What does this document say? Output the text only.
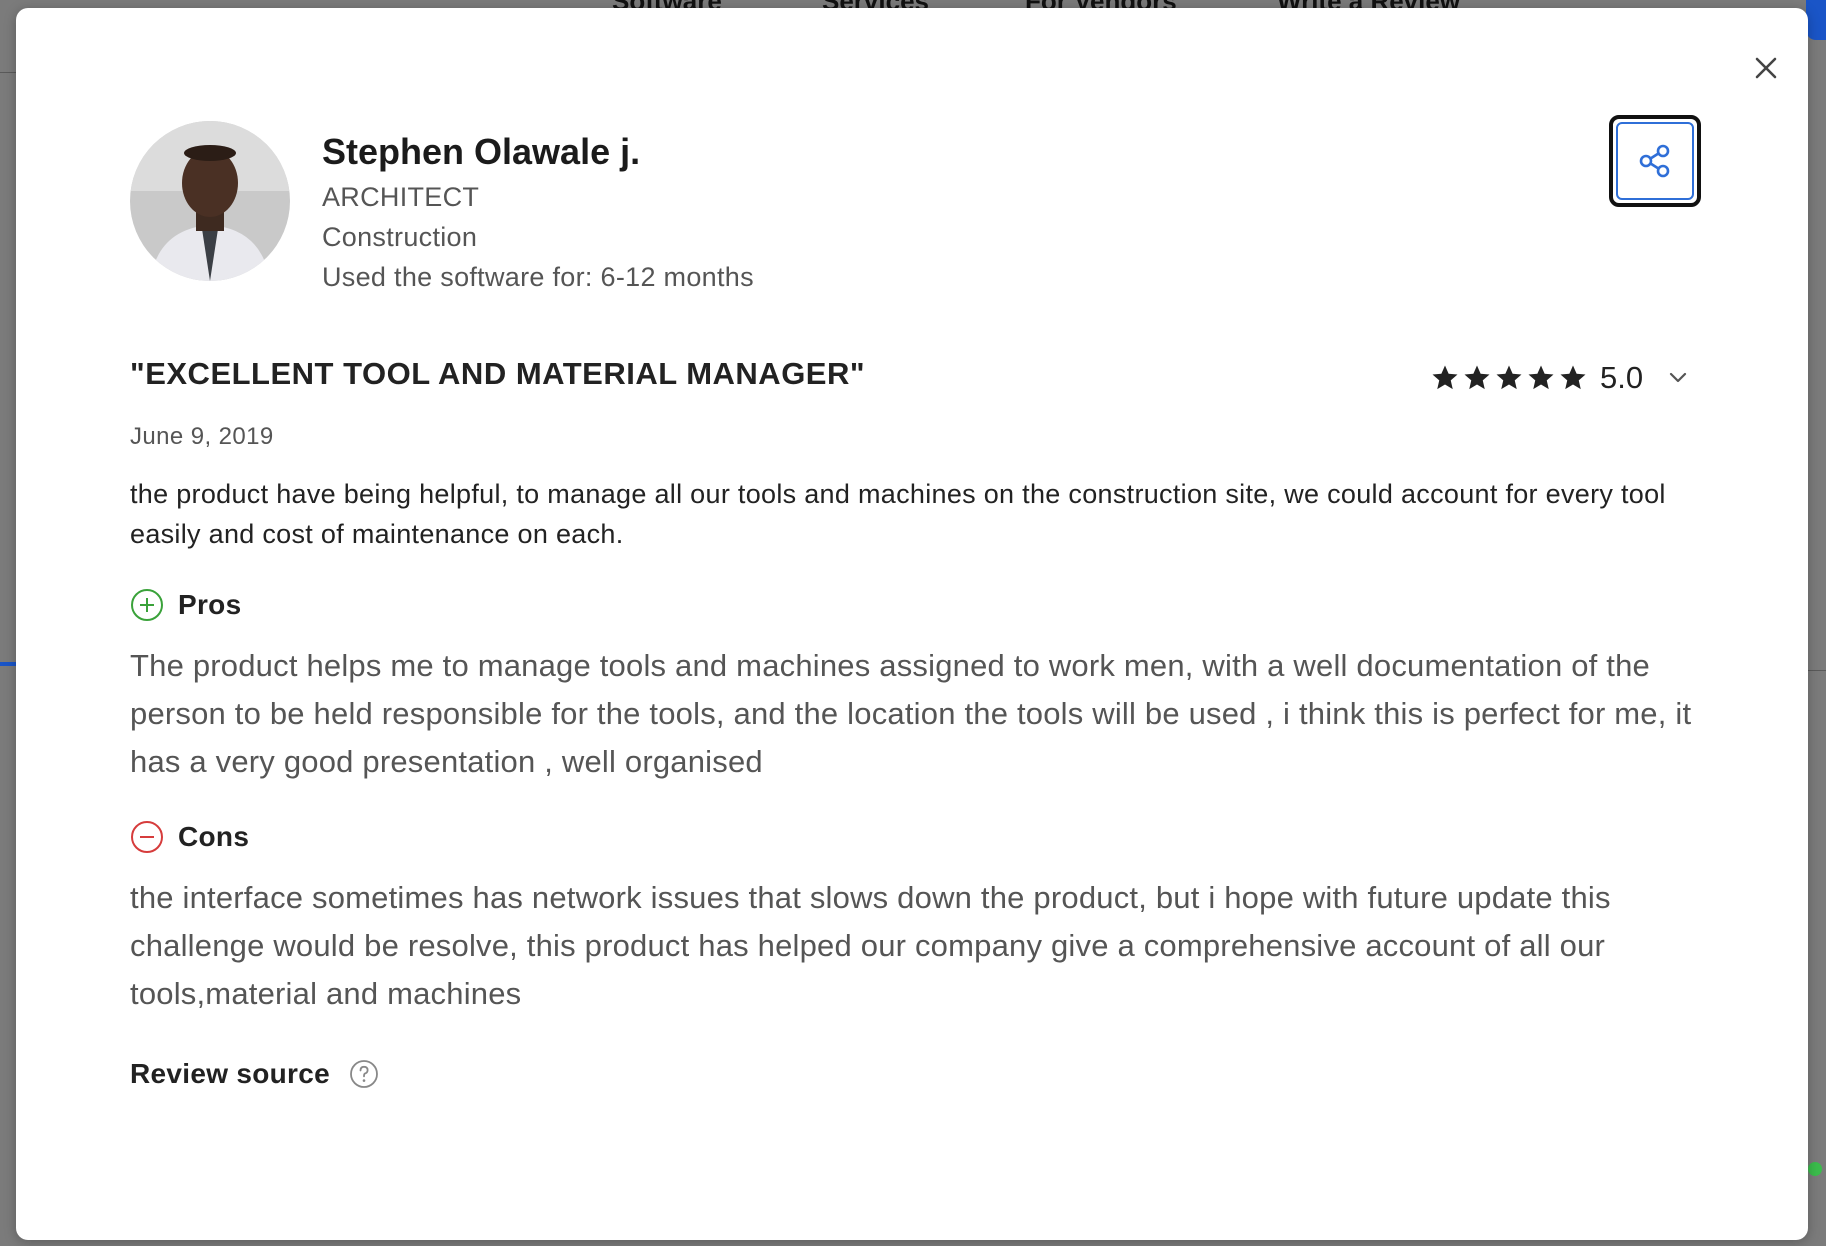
Stephen Olawale j.
ARCHITECT
Construction
Used the software for: 6-12 months
"EXCELLENT TOOL AND MATERIAL MANAGER"	5.0
June 9, 2019
the product have being helpful, to manage all our tools and machines on the construction site, we could account for every tool easily and cost of maintenance on each.
Pros
The product helps me to manage tools and machines assigned to work men, with a well documentation of the person to be held responsible for the tools, and the location the tools will be used , i think this is perfect for me, it has a very good presentation , well organised
Cons
the interface sometimes has network issues that slows down the product, but i hope with future update this challenge would be resolve, this product has helped our company give a comprehensive account of all our tools,material and machines
Review source
